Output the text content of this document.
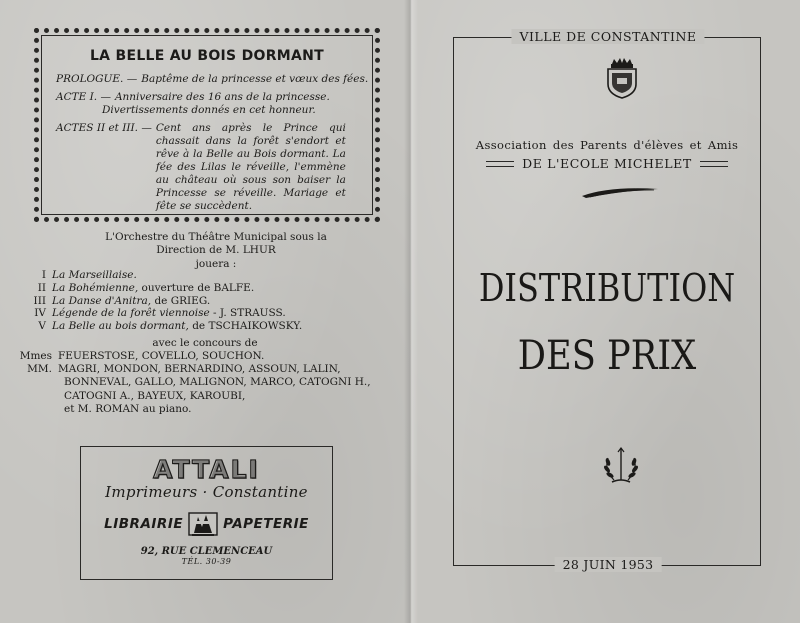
LA BELLE AU BOIS DORMANT
PROLOGUE. — Baptême de la princesse et vœux des fées.
ACTE I. — Anniversaire des 16 ans de la princesse.
Divertissements donnés en cet honneur.
ACTES II et III. — Cent ans après le Prince qui chassait dans la forêt s'endort et rêve à la Belle au Bois dormant. La fée des Lilas le réveille, l'emmène au château où sous son baiser la Princesse se réveille. Mariage et fête se succèdent.
L'Orchestre du Théâtre Municipal sous la
Direction de M. LHUR
jouera :
I La Marseillaise.
II La Bohémienne, ouverture de BALFE.
III La Danse d'Anitra, de GRIEG.
IV Légende de la forêt viennoise - J. STRAUSS.
V La Belle au bois dormant, de TSCHAIKOWSKY.
avec le concours de
Mmes FEUERSTOSE, COVELLO, SOUCHON.
MM. MAGRI, MONDON, BERNARDINO, ASSOUN, LALIN,
BONNEVAL, GALLO, MALIGNON, MARCO, CATOGNI H.,
CATOGNI A., BAYEUX, KAROUBI,
et M. ROMAN au piano.
ATTALI
Imprimeurs · Constantine
LIBRAIRIE	PAPETERIE
92, RUE CLEMENCEAU
TÉL. 30-39
VILLE DE CONSTANTINE
28 JUIN 1953
Association des Parents d'élèves et Amis
DE L'ECOLE MICHELET
DISTRIBUTION
DES PRIX
